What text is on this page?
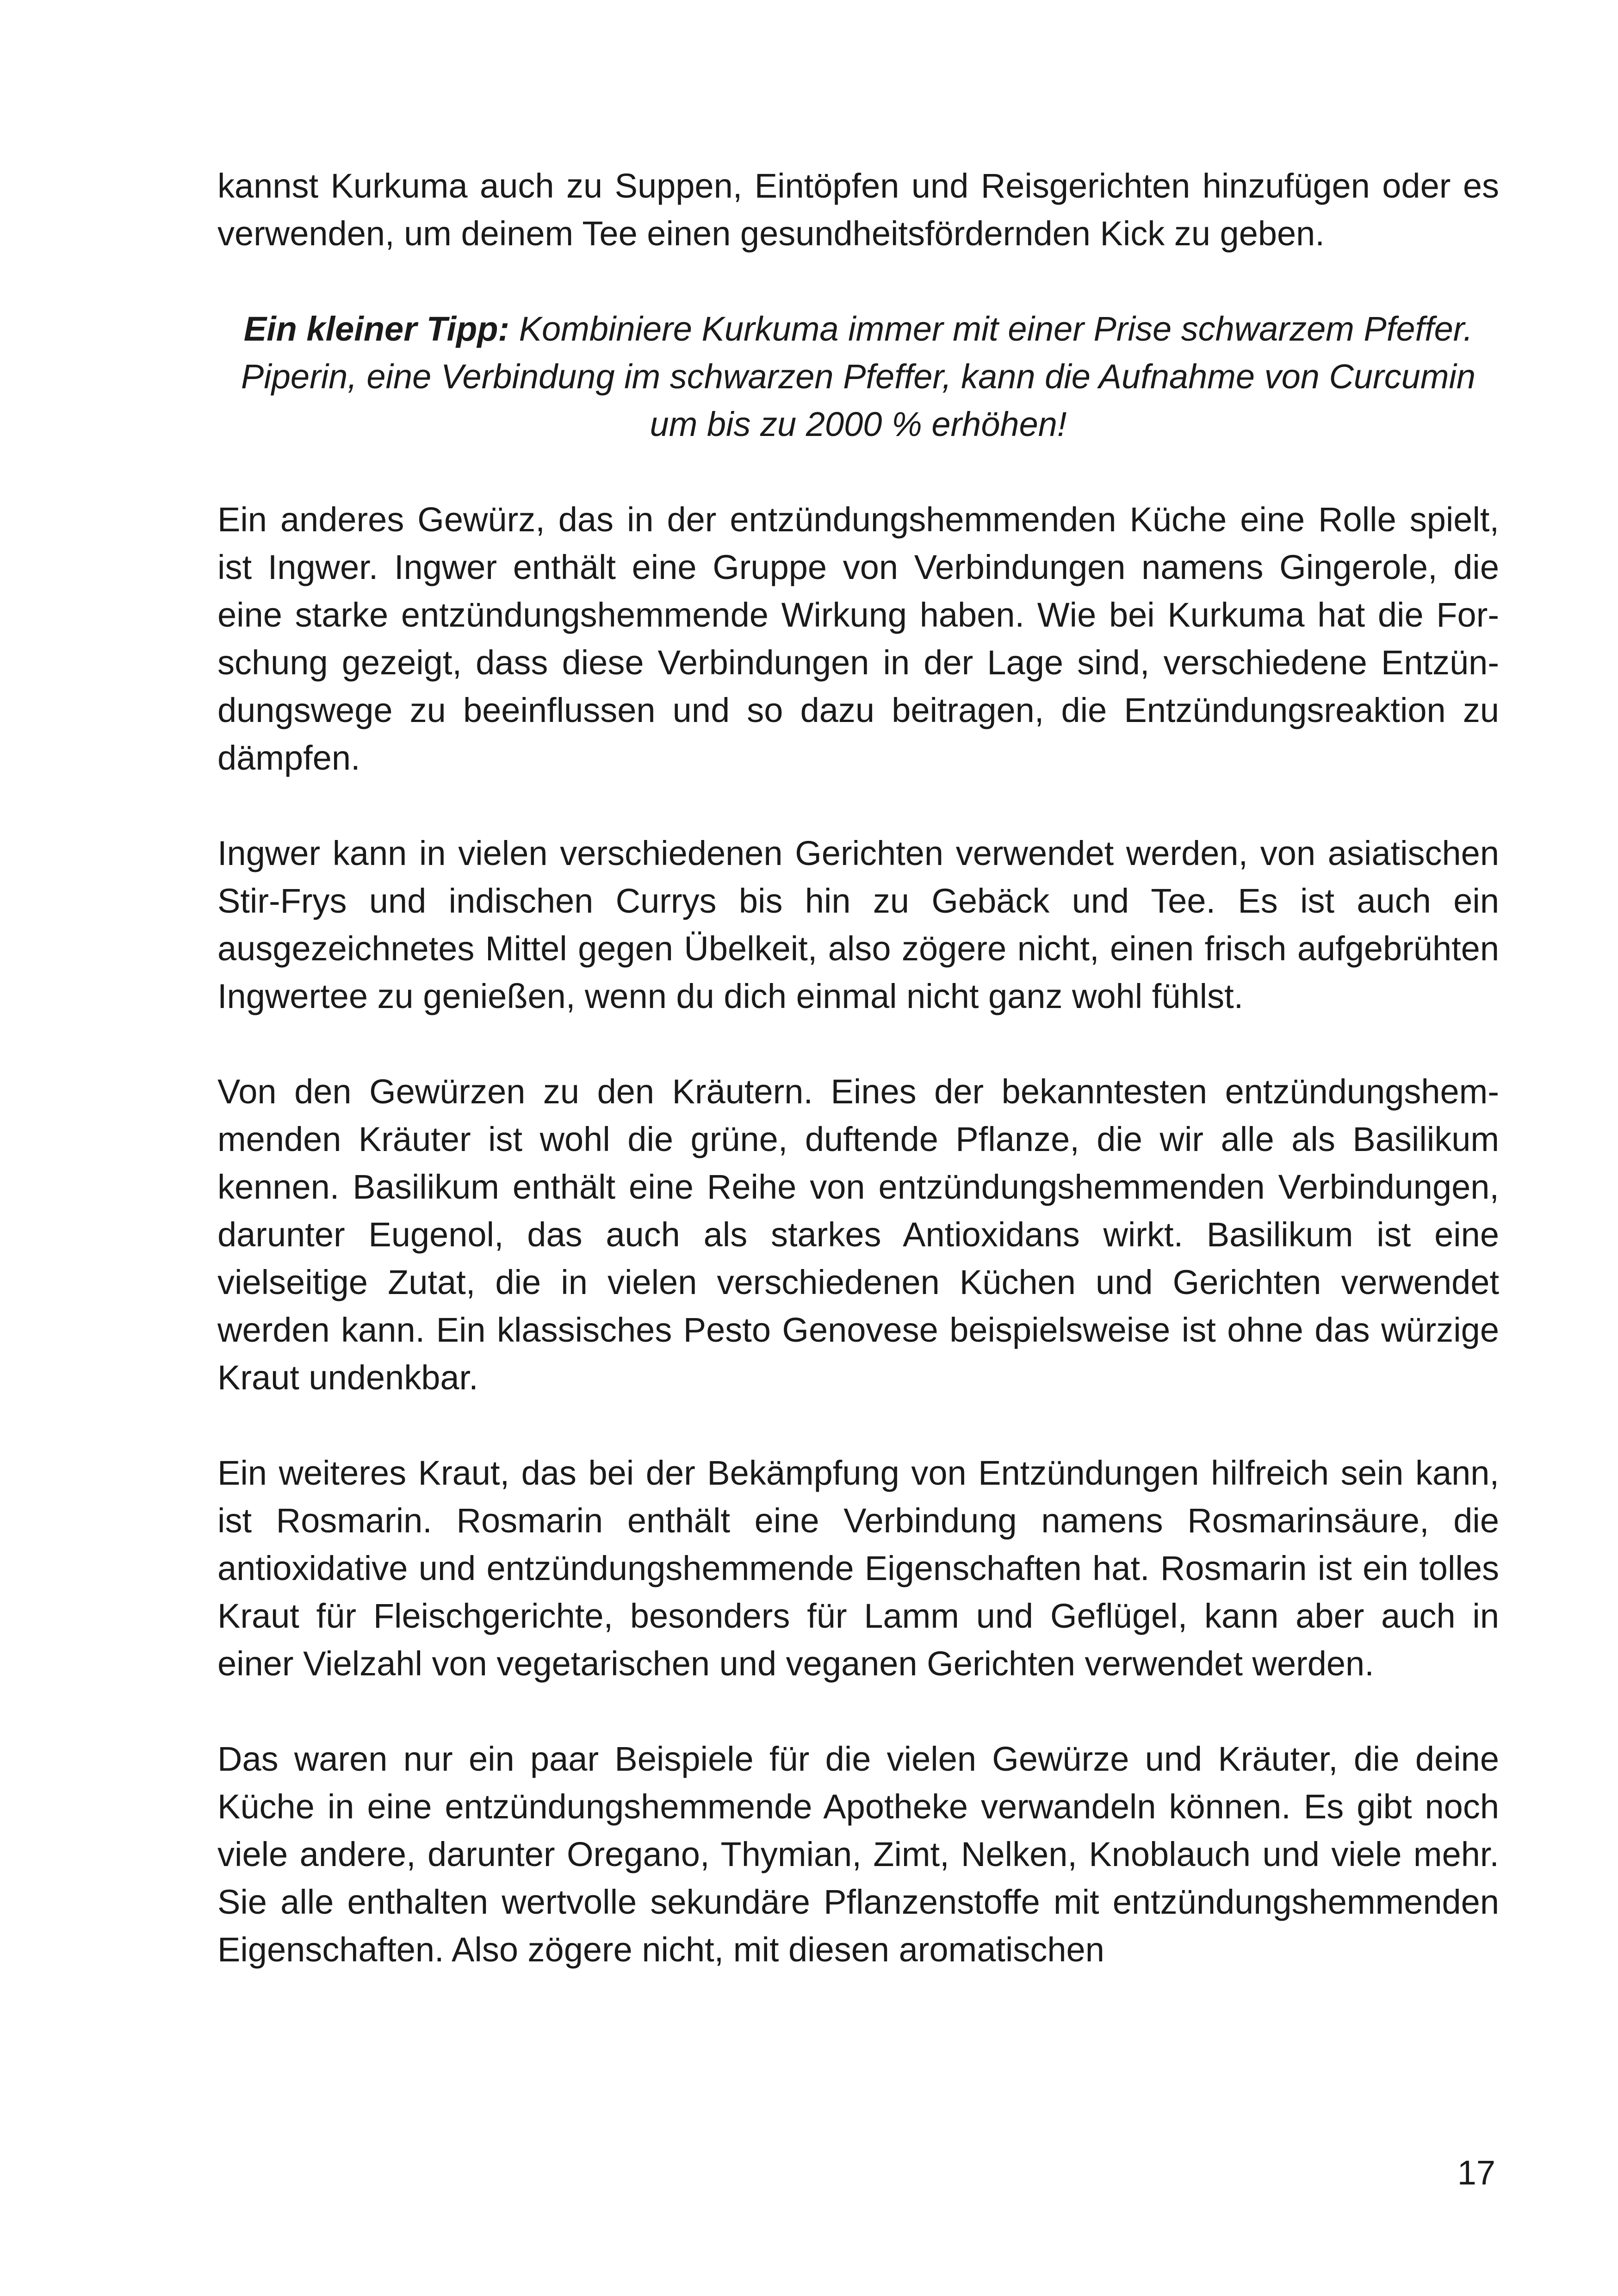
kannst Kurkuma auch zu Suppen, Eintöpfen und Reisgerichten hinzufügen oder es verwenden, um deinem Tee einen gesundheitsfördernden Kick zu geben.

Ein kleiner Tipp: Kombiniere Kurkuma immer mit einer Prise schwarzem Pfeffer. Piperin, eine Verbindung im schwarzen Pfeffer, kann die Aufnahme von Curcumin um bis zu 2000 % erhöhen!

Ein anderes Gewürz, das in der entzündungshemmenden Küche eine Rolle spielt, ist Ingwer. Ingwer enthält eine Gruppe von Verbindungen namens Gingerole, die eine starke entzündungshemmende Wirkung haben. Wie bei Kurkuma hat die Forschung gezeigt, dass diese Verbindungen in der Lage sind, verschiedene Entzündungswege zu beeinflussen und so dazu beitragen, die Entzündungsreaktion zu dämpfen.

Ingwer kann in vielen verschiedenen Gerichten verwendet werden, von asiatischen Stir-Frys und indischen Currys bis hin zu Gebäck und Tee. Es ist auch ein ausgezeichnetes Mittel gegen Übelkeit, also zögere nicht, einen frisch aufgebrühten Ingwertee zu genießen, wenn du dich einmal nicht ganz wohl fühlst.

Von den Gewürzen zu den Kräutern. Eines der bekanntesten entzündungshemmenden Kräuter ist wohl die grüne, duftende Pflanze, die wir alle als Basilikum kennen. Basilikum enthält eine Reihe von entzündungshemmenden Verbindungen, darunter Eugenol, das auch als starkes Antioxidans wirkt. Basilikum ist eine vielseitige Zutat, die in vielen verschiedenen Küchen und Gerichten verwendet werden kann. Ein klassisches Pesto Genovese beispielsweise ist ohne das würzige Kraut undenkbar.

Ein weiteres Kraut, das bei der Bekämpfung von Entzündungen hilfreich sein kann, ist Rosmarin. Rosmarin enthält eine Verbindung namens Rosmarinsäure, die antioxidative und entzündungshemmende Eigenschaften hat. Rosmarin ist ein tolles Kraut für Fleischgerichte, besonders für Lamm und Geflügel, kann aber auch in einer Vielzahl von vegetarischen und veganen Gerichten verwendet werden.

Das waren nur ein paar Beispiele für die vielen Gewürze und Kräuter, die deine Küche in eine entzündungshemmende Apotheke verwandeln können. Es gibt noch viele andere, darunter Oregano, Thymian, Zimt, Nelken, Knoblauch und viele mehr. Sie alle enthalten wertvolle sekundäre Pflanzenstoffe mit entzündungshemmenden Eigenschaften. Also zögere nicht, mit diesen aromatischen

17
